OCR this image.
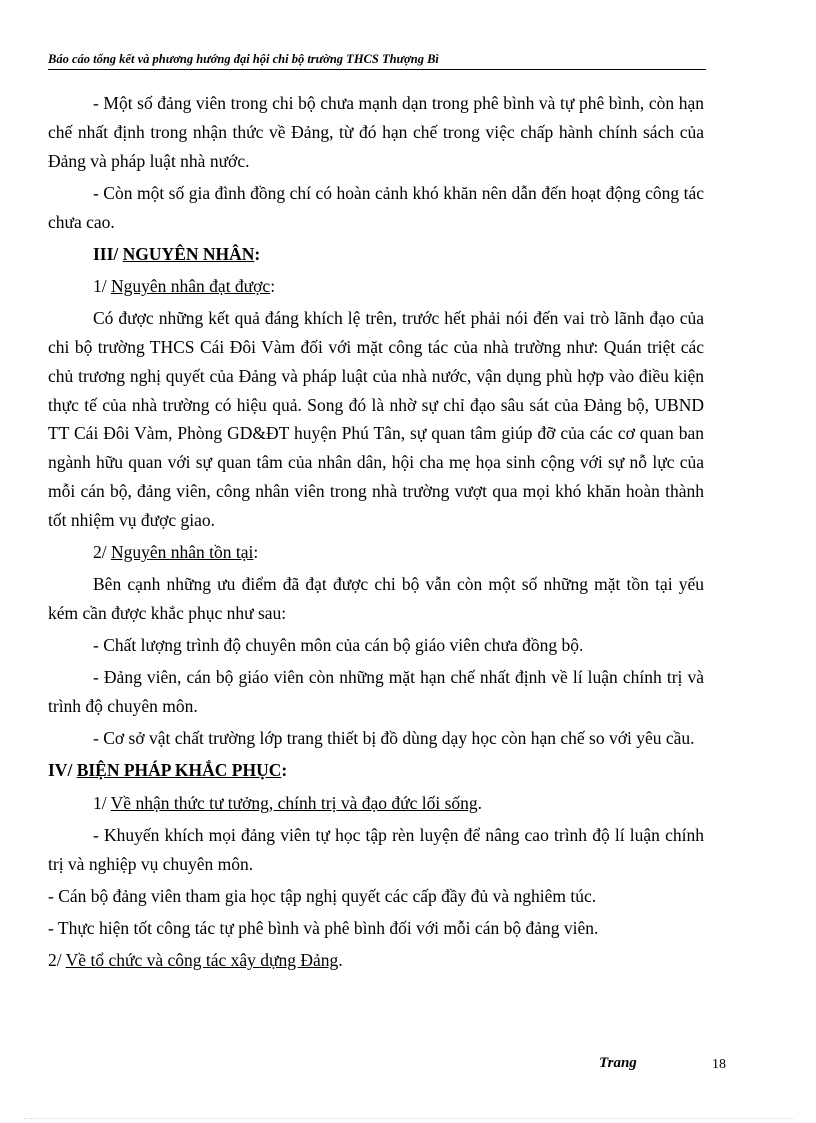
Báo cáo tổng kết và phương hướng đại hội chi bộ trường THCS Thượng Bì

- Một số đảng viên trong chi bộ chưa mạnh dạn trong phê bình và tự phê bình, còn hạn chế nhất định trong nhận thức về Đảng, từ đó hạn chế trong việc chấp hành chính sách của Đảng và pháp luật nhà nước.

- Còn một số gia đình đồng chí có hoàn cảnh khó khăn nên dẫn đến hoạt động công tác chưa cao.

III/ NGUYÊN NHÂN:

1/ Nguyên nhân đạt được:

Có được những kết quả đáng khích lệ trên, trước hết phải nói đến vai trò lãnh đạo của chi bộ trường THCS Cái Đôi Vàm đối với mặt công tác của nhà trường như: Quán triệt các chủ trương nghị quyết của Đảng và pháp luật của nhà nước, vận dụng phù hợp vào điều kiện thực tế của nhà trường có hiệu quả. Song đó là nhờ sự chỉ đạo sâu sát của Đảng bộ, UBND TT Cái Đôi Vàm, Phòng GD&ĐT huyện Phú Tân, sự quan tâm giúp đỡ của các cơ quan ban ngành hữu quan với sự quan tâm của nhân dân, hội cha mẹ họa sinh cộng với sự nỗ lực của mỗi cán bộ, đảng viên, công nhân viên trong nhà trường vượt qua mọi khó khăn hoàn thành tốt nhiệm vụ được giao.

2/ Nguyên nhân tồn tại:

Bên cạnh những ưu điểm đã đạt được chi bộ vẫn còn một số những mặt tồn tại yếu kém cần được khắc phục như sau:

- Chất lượng trình độ chuyên môn của cán bộ giáo viên chưa đồng bộ.

- Đảng viên, cán bộ giáo viên còn những mặt hạn chế nhất định về lí luận chính trị và trình độ chuyên môn.

- Cơ sở vật chất trường lớp trang thiết bị đồ dùng dạy học còn hạn chế so với yêu cầu.

IV/ BIỆN PHÁP KHẮC PHỤC:

1/ Về nhận thức tư tưởng, chính trị và đạo đức lối sống.

- Khuyến khích mọi đảng viên tự học tập rèn luyện để nâng cao trình độ lí luận chính trị và nghiệp vụ chuyên môn.

- Cán bộ đảng viên tham gia học tập nghị quyết các cấp đầy đủ và nghiêm túc.

- Thực hiện tốt công tác tự phê bình và phê bình đối với mỗi cán bộ đảng viên.

2/ Về tổ chức và công tác xây dựng Đảng.

Trang	18
